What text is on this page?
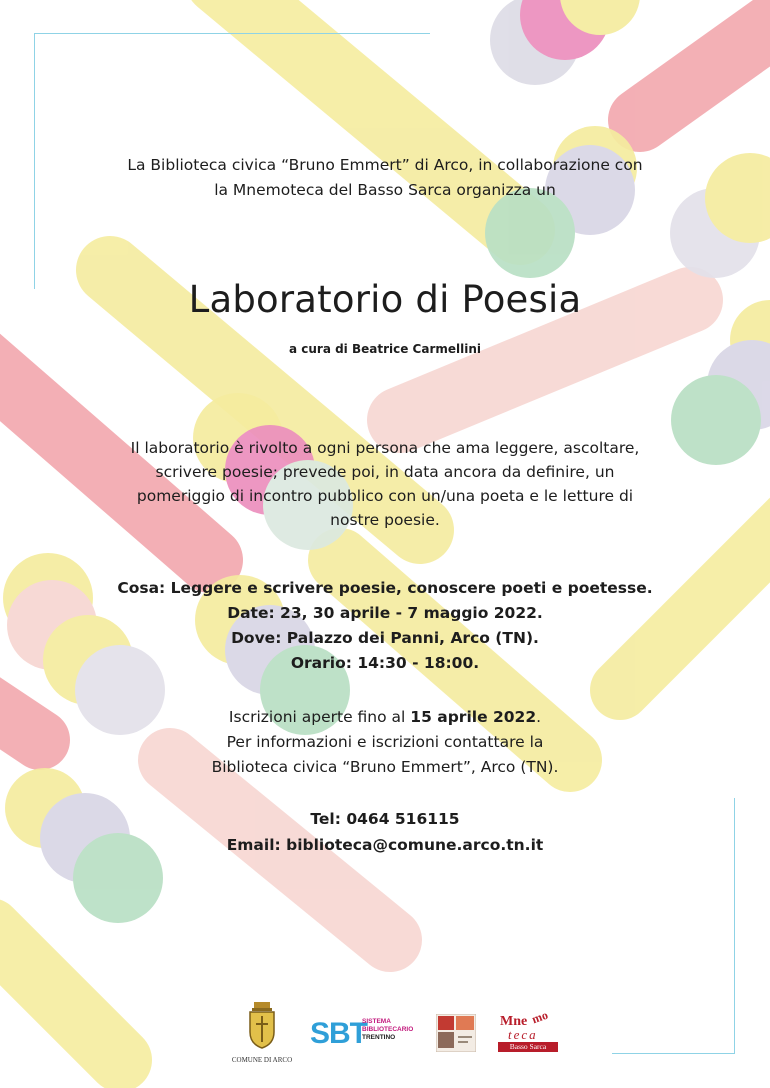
La Biblioteca civica “Bruno Emmert” di Arco, in collaborazione con
la Mnemoteca del Basso Sarca organizza un
Laboratorio di Poesia
a cura di Beatrice Carmellini
Il laboratorio è rivolto a ogni persona che ama leggere, ascoltare,
scrivere poesie; prevede poi, in data ancora da definire, un
pomeriggio di incontro pubblico con un/una poeta e le letture di
nostre poesie.

Cosa: Leggere e scrivere poesie, conoscere poeti e poetesse.

Date: 23, 30 aprile - 7 maggio 2022.

Dove: Palazzo dei Panni, Arco (TN).

Orario: 14:30 - 18:00.

Iscrizioni aperte fino al 15 aprile 2022.

Per informazioni e iscrizioni contattare la

Biblioteca civica “Bruno Emmert”, Arco (TN).

Tel: 0464 516115

Email: biblioteca@comune.arco.tn.it

COMUNE DI ARCO
SBT
SISTEMA
BIBLIOTECARIO
TRENTINO
Mne mo
teca
Basso Sarca
